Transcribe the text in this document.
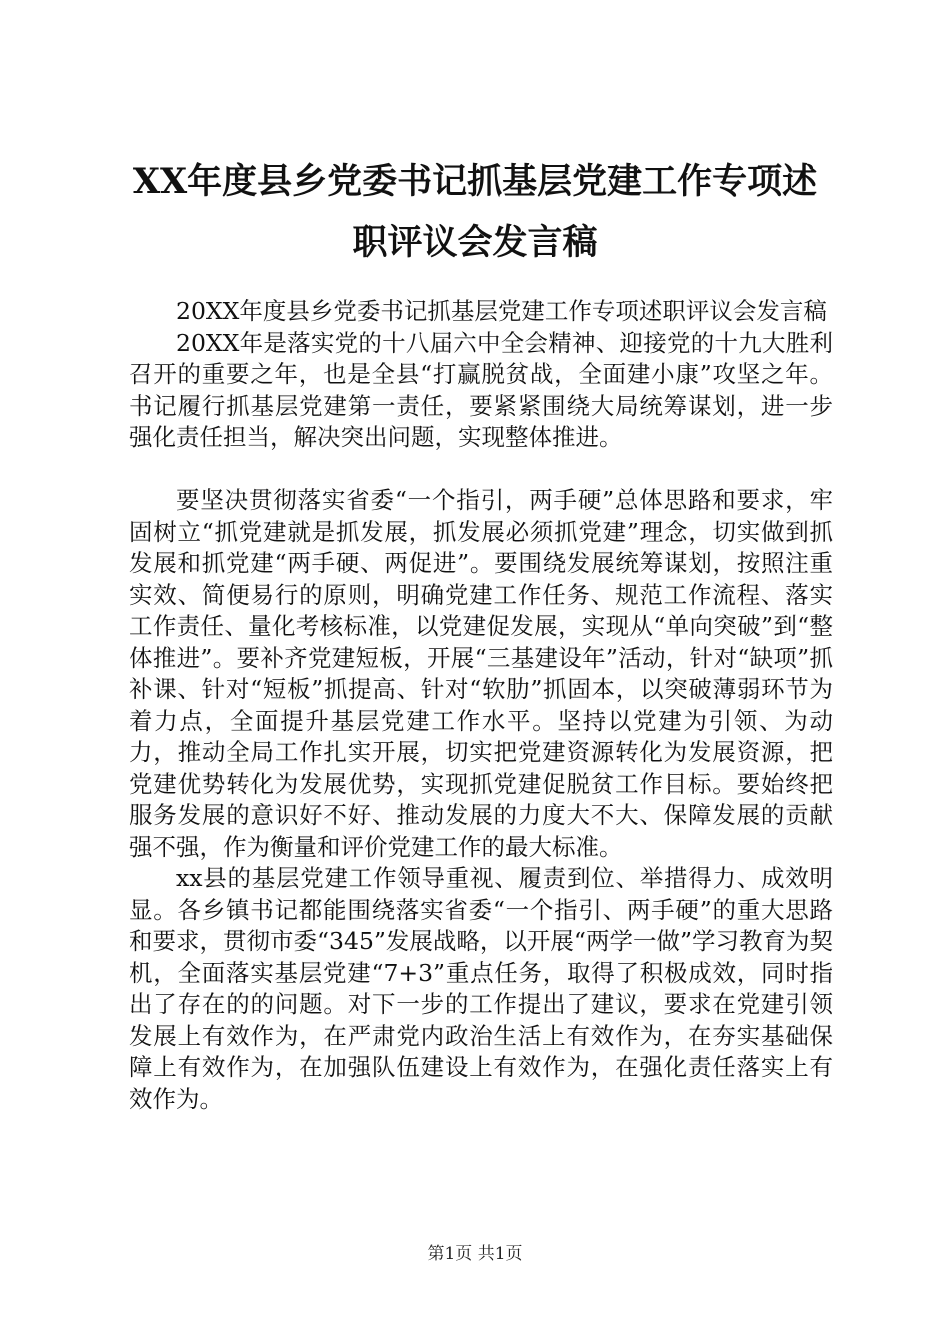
XX年度县乡党委书记抓基层党建工作专项述
职评议会发言稿

20XX年度县乡党委书记抓基层党建工作专项述职评议会发言稿

20XX年是落实党的十八届六中全会精神、迎接党的十九大胜利召开的重要之年，也是全县“打赢脱贫战，全面建小康”攻坚之年。书记履行抓基层党建第一责任，要紧紧围绕大局统筹谋划，进一步强化责任担当，解决突出问题，实现整体推进。

要坚决贯彻落实省委“一个指引，两手硬”总体思路和要求，牢固树立“抓党建就是抓发展，抓发展必须抓党建”理念，切实做到抓发展和抓党建“两手硬、两促进”。要围绕发展统筹谋划，按照注重实效、简便易行的原则，明确党建工作任务、规范工作流程、落实工作责任、量化考核标准，以党建促发展，实现从“单向突破”到“整体推进”。要补齐党建短板，开展“三基建设年”活动，针对“缺项”抓补课、针对“短板”抓提高、针对“软肋”抓固本，以突破薄弱环节为着力点，全面提升基层党建工作水平。坚持以党建为引领、为动力，推动全局工作扎实开展，切实把党建资源转化为发展资源，把党建优势转化为发展优势，实现抓党建促脱贫工作目标。要始终把服务发展的意识好不好、推动发展的力度大不大、保障发展的贡献强不强，作为衡量和评价党建工作的最大标准。

xx县的基层党建工作领导重视、履责到位、举措得力、成效明显。各乡镇书记都能围绕落实省委“一个指引、两手硬”的重大思路和要求，贯彻市委“345”发展战略，以开展“两学一做”学习教育为契机，全面落实基层党建“7+3”重点任务，取得了积极成效，同时指出了存在的的问题。对下一步的工作提出了建议，要求在党建引领发展上有效作为，在严肃党内政治生活上有效作为，在夯实基础保障上有效作为，在加强队伍建设上有效作为，在强化责任落实上有效作为。

第1页 共1页
